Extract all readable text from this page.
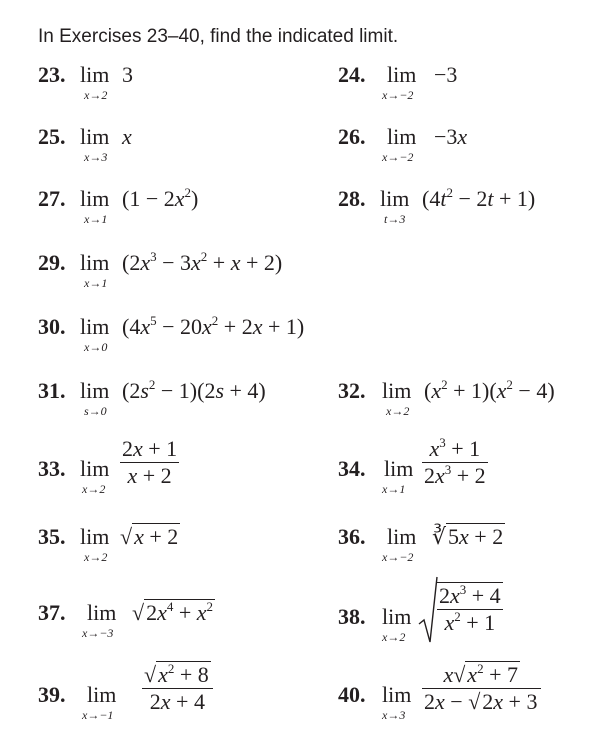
In Exercises 23–40, find the indicated limit.
23. lim
x→2
3	24. lim
x→−2
−3
25. lim
x→3
x	26. lim
x→−2
−3x
27. lim
x→1
$(1 - 2x^2)$	28. lim
t→3
$(4t^2 - 2t + 1)$
29. lim
x→1
$(2x^3 - 3x^2 + x + 2)$
30. lim
x→0
$(4x^5 - 20x^2 + 2x + 1)$
31. lim
s→0
$(2s^2 - 1)(2s + 4)$	32. lim
x→2
$(x^2 + 1)(x^2 - 4)$
33. lim
x→2
2x + 1
x + 2	34. lim
x→1
$x^3 + 1$
$2x^3 + 2$
35. lim
x→2
√x + 2	36. lim
x→−2
∛5x + 2
37. lim
x→−3
$√2x^4 + x^2$	38. lim
x→2
$2x^3 + 4$
$x^2 + 1$
39. lim
x→−1
$√x^2 + 8$
2x + 4	40. lim
x→3
$x√x^2 + 7$
2x − √2x + 3
